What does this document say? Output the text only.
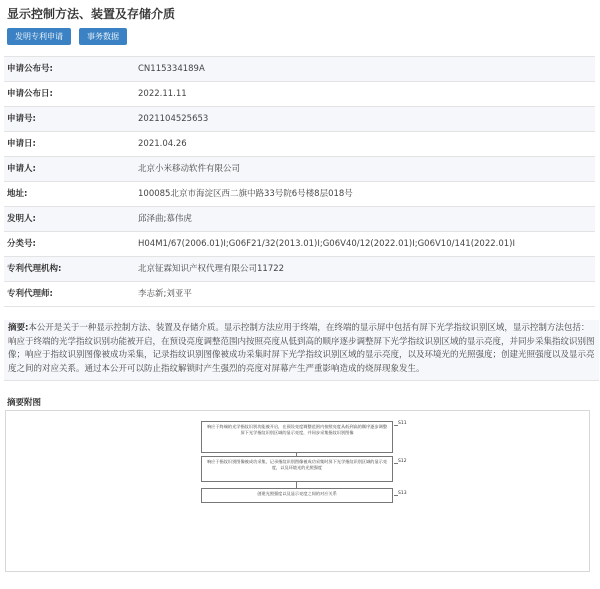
显示控制方法、装置及存储介质
发明专利申请	事务数据
申请公布号:	CN115334189A
申请公布日:	2022.11.11
申请号:	2021104525653
申请日:	2021.04.26
申请人:	北京小米移动软件有限公司
地址:	100085北京市海淀区西二旗中路33号院6号楼8层018号
发明人:	邱泽曲;慕伟虎
分类号:	H04M1/67(2006.01)I;G06F21/32(2013.01)I;G06V40/12(2022.01)I;G06V10/141(2022.01)I
专利代理机构:	北京钲霖知识产权代理有限公司11722
专利代理师:	李志新;刘亚平
摘要:本公开是关于一种显示控制方法、装置及存储介质。显示控制方法应用于终端，在终端的显示屏中包括有屏下光学指纹识别区域，显示控制方法包括：响应于终端的光学指纹识别功能被开启，在预设亮度调整范围内按照亮度从低到高的顺序逐步调整屏下光学指纹识别区域的显示亮度，并同步采集指纹识别图像；响应于指纹识别图像被成功采集，记录指纹识别图像被成功采集时屏下光学指纹识别区域的显示亮度，以及环境光的光照强度；创建光照强度以及显示亮度之间的对应关系。通过本公开可以防止指纹解锁时产生强烈的亮度对屏幕产生严重影响造成的烧屏现象发生。
摘要附图
响应于终端的光学指纹识别功能被开启，在预设亮度调整范围内按照亮度从低到高的顺序逐步调整屏下光学指纹识别区域的显示亮度，并同步采集指纹识别图像
响应于指纹识别图像被成功采集，记录指纹识别图像被成功采集时屏下光学指纹识别区域的显示亮度，以及环境光的光照强度
创建光照强度以及显示亮度之间的对应关系
S11
S12
S13
